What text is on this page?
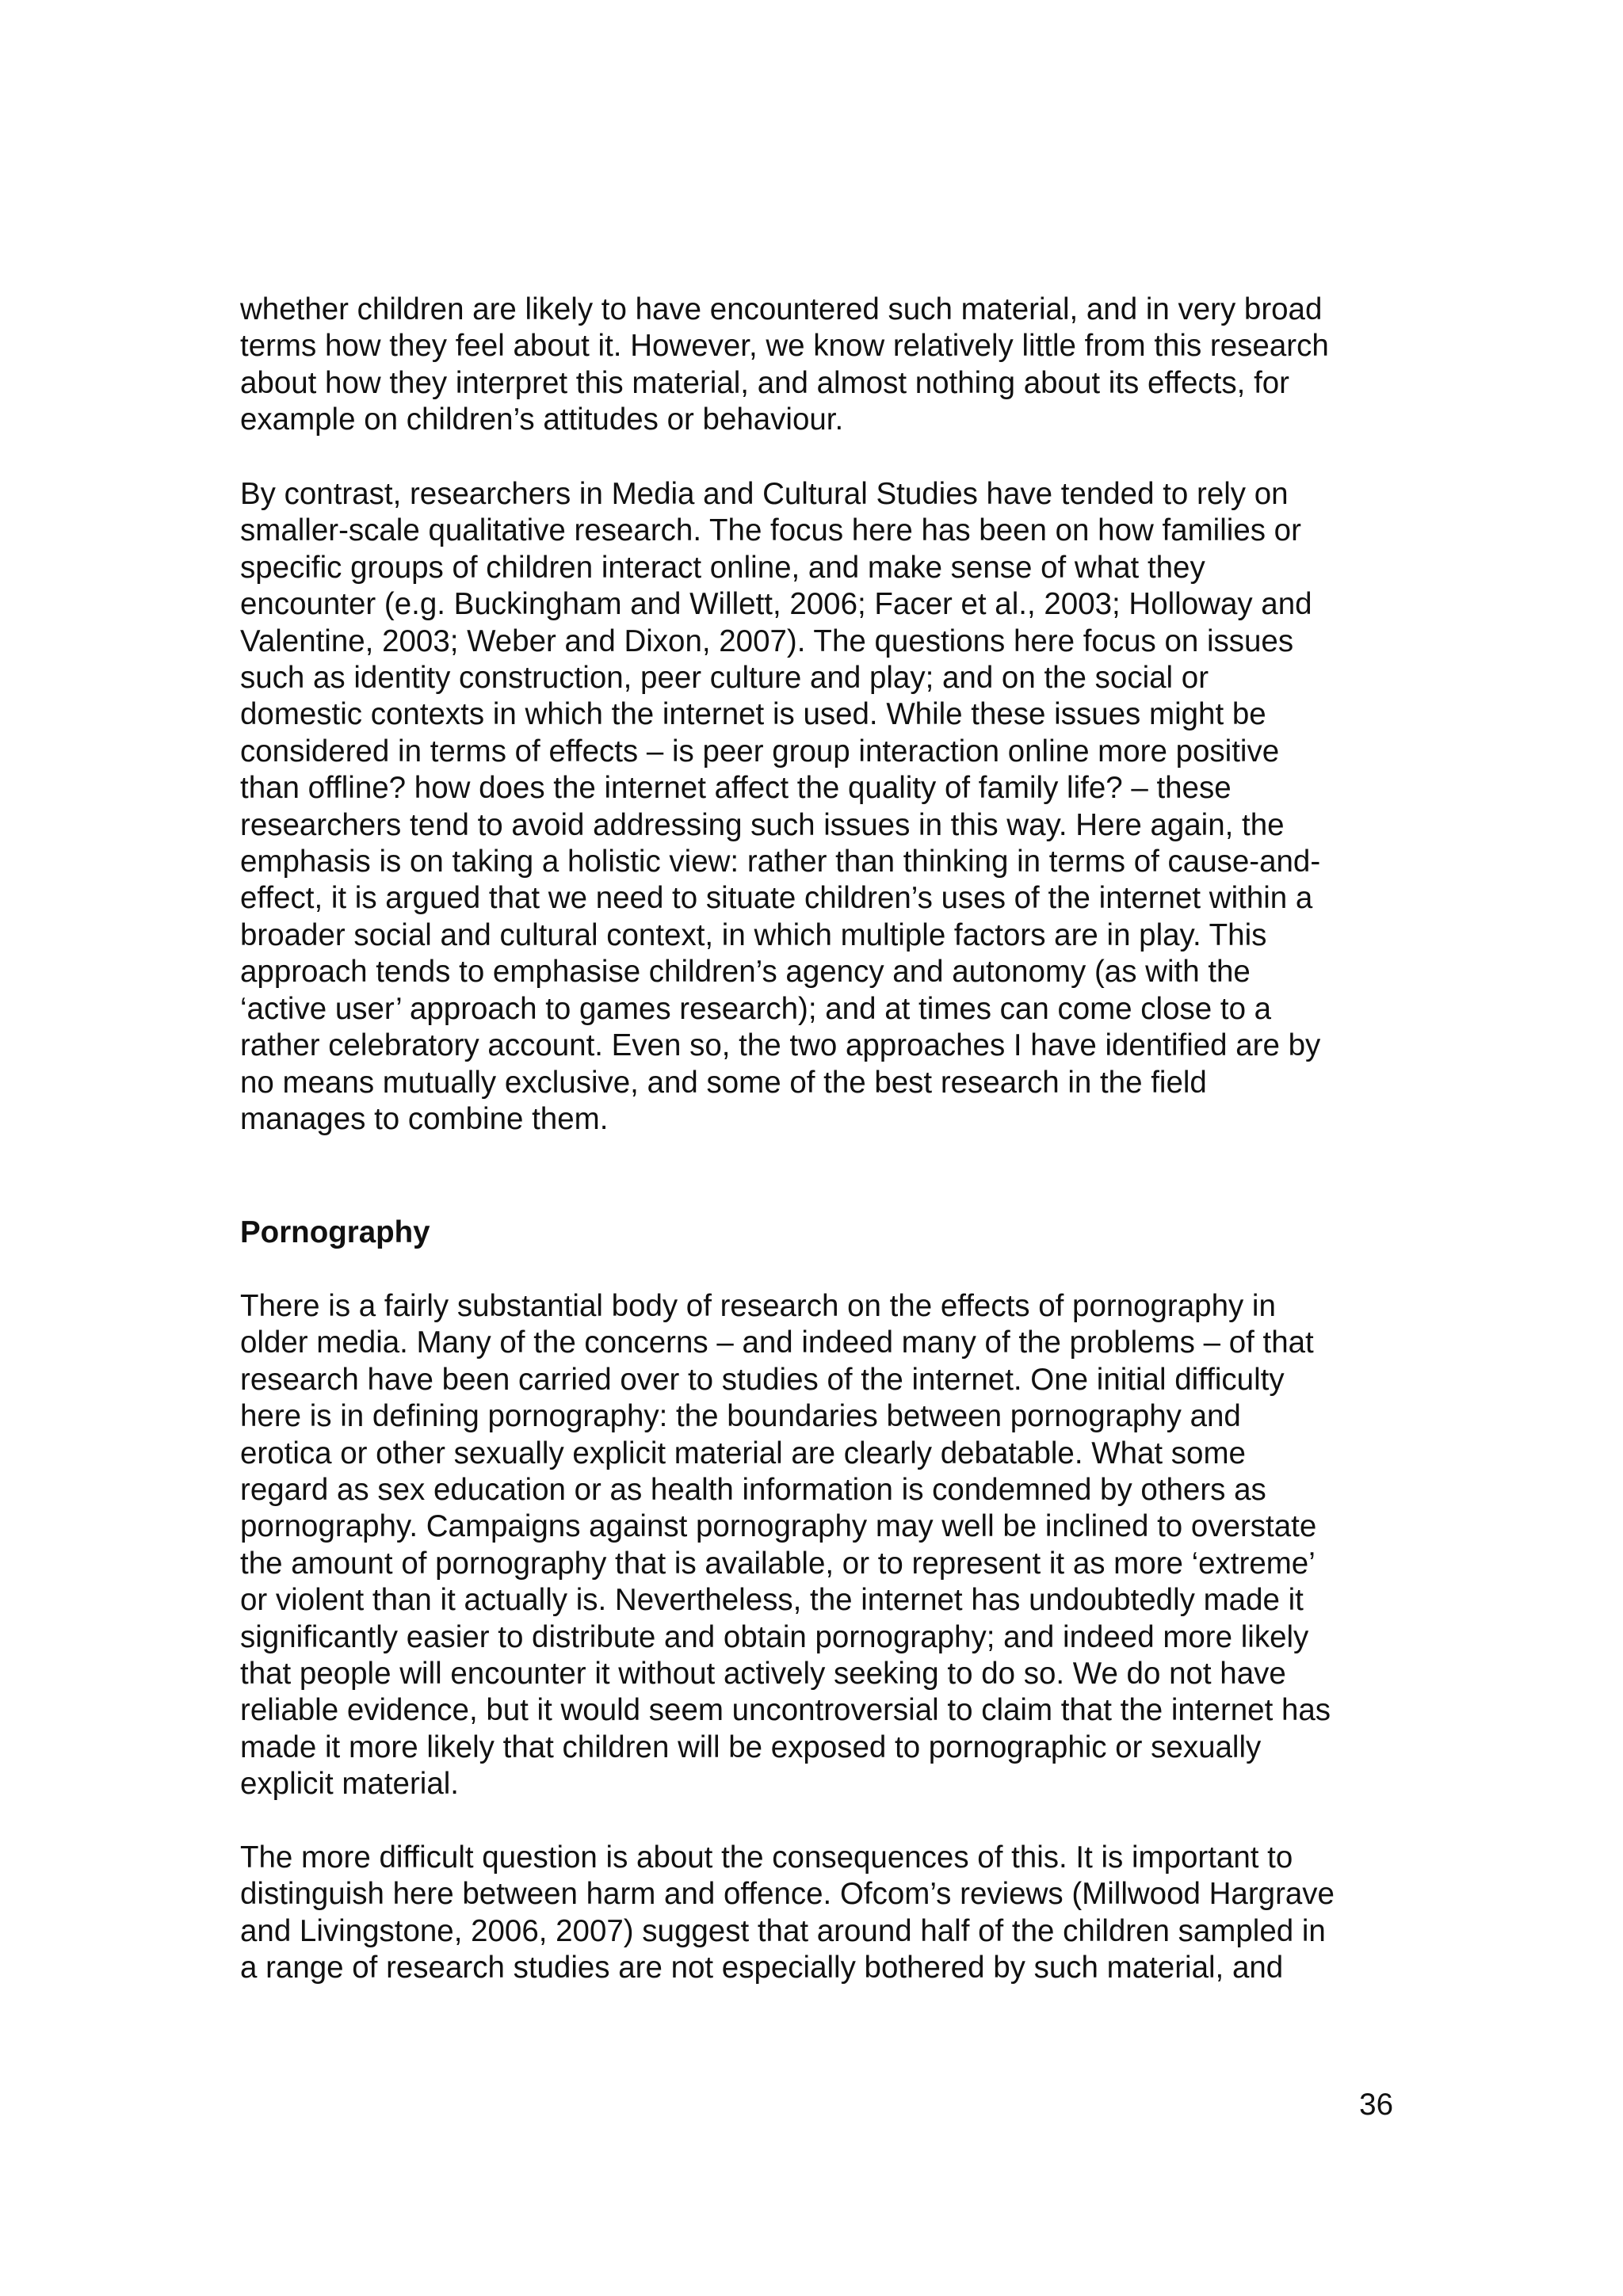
whether children are likely to have encountered such material, and in very broad
terms how they feel about it. However, we know relatively little from this research
about how they interpret this material, and almost nothing about its effects, for
example on children’s attitudes or behaviour.

By contrast, researchers in Media and Cultural Studies have tended to rely on
smaller-scale qualitative research. The focus here has been on how families or
specific groups of children interact online, and make sense of what they
encounter (e.g. Buckingham and Willett, 2006; Facer et al., 2003; Holloway and
Valentine, 2003; Weber and Dixon, 2007). The questions here focus on issues
such as identity construction, peer culture and play; and on the social or
domestic contexts in which the internet is used. While these issues might be
considered in terms of effects – is peer group interaction online more positive
than offline? how does the internet affect the quality of family life? – these
researchers tend to avoid addressing such issues in this way. Here again, the
emphasis is on taking a holistic view: rather than thinking in terms of cause-and-
effect, it is argued that we need to situate children’s uses of the internet within a
broader social and cultural context, in which multiple factors are in play. This
approach tends to emphasise children’s agency and autonomy (as with the
‘active user’ approach to games research); and at times can come close to a
rather celebratory account. Even so, the two approaches I have identified are by
no means mutually exclusive, and some of the best research in the field
manages to combine them.

Pornography

There is a fairly substantial body of research on the effects of pornography in
older media. Many of the concerns – and indeed many of the problems – of that
research have been carried over to studies of the internet. One initial difficulty
here is in defining pornography: the boundaries between pornography and
erotica or other sexually explicit material are clearly debatable. What some
regard as sex education or as health information is condemned by others as
pornography. Campaigns against pornography may well be inclined to overstate
the amount of pornography that is available, or to represent it as more ‘extreme’
or violent than it actually is. Nevertheless, the internet has undoubtedly made it
significantly easier to distribute and obtain pornography; and indeed more likely
that people will encounter it without actively seeking to do so. We do not have
reliable evidence, but it would seem uncontroversial to claim that the internet has
made it more likely that children will be exposed to pornographic or sexually
explicit material.

The more difficult question is about the consequences of this. It is important to
distinguish here between harm and offence. Ofcom’s reviews (Millwood Hargrave
and Livingstone, 2006, 2007) suggest that around half of the children sampled in
a range of research studies are not especially bothered by such material, and

36
